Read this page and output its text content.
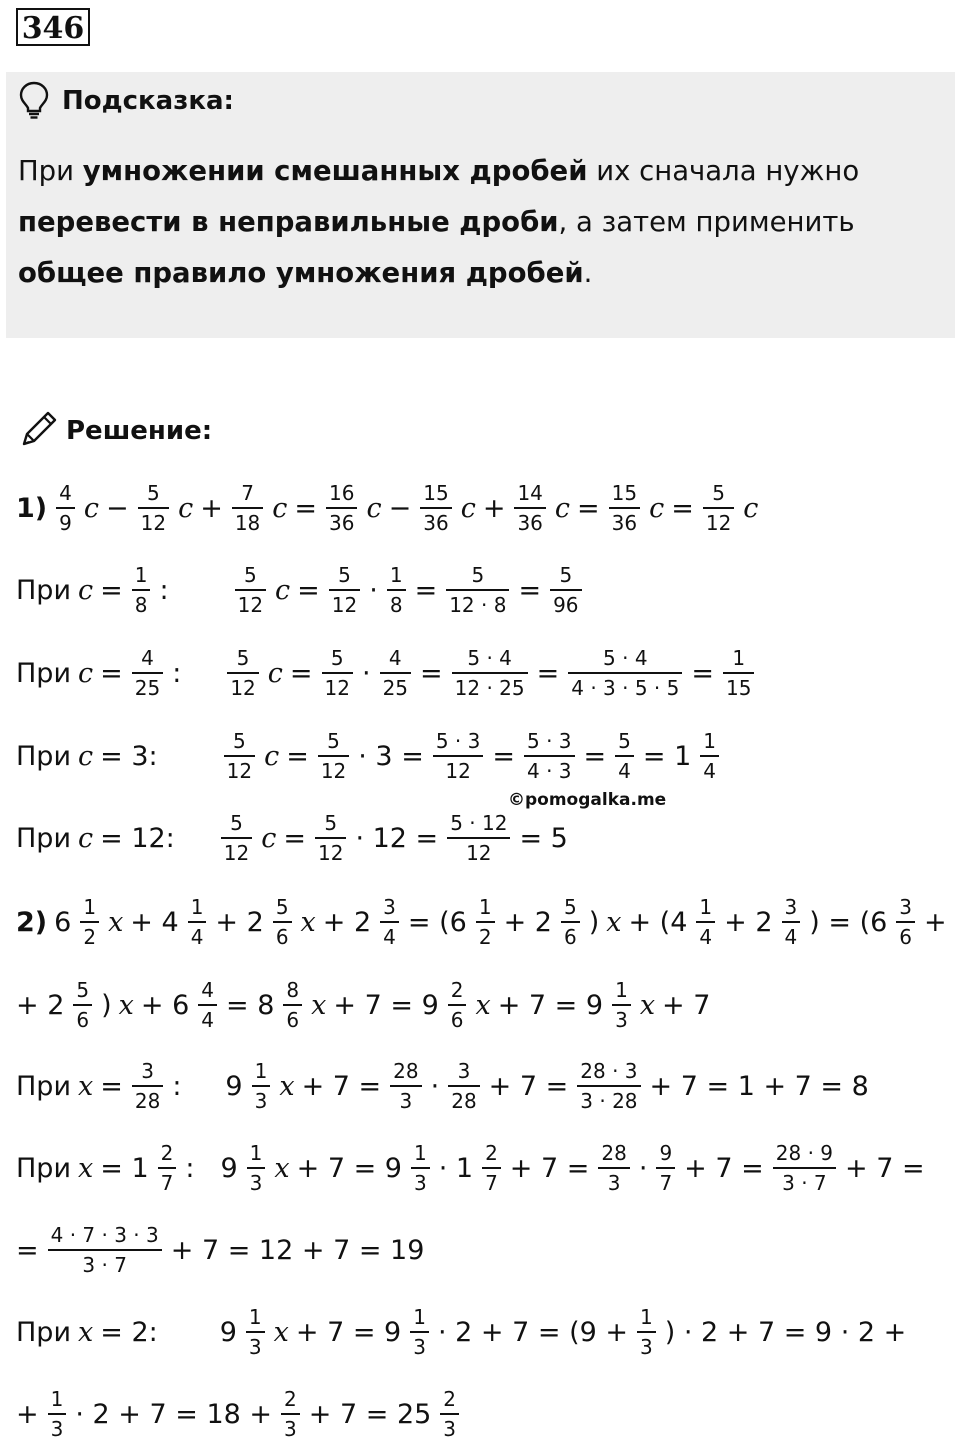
346
Подсказка:
При умножении смешанных дробей их сначала нужно перевести в неправильные дроби, а затем применить общее правило умножения дробей.
Решение:
1) 4
9 c − 5
12 c + 7
18 c = 16
36 c − 15
36 c + 14
36 c = 15
36 c = 5
12 c
При c = 1
8 :	5
12 c = 5
12 · 1
8 = 5
12 · 8 = 5
96
При c = 4
25 :	5
12 c = 5
12 · 4
25 = 5 · 4
12 · 25 = 5 · 4
4 · 3 · 5 · 5 = 1
15
При c = 3:	5
12 c = 5
12 · 3 = 5 · 3
12 = 5 · 3
4 · 3 = 5
4 = 1 1
4
При c = 12:	5
12 c = 5
12 · 12 = 5 · 12
12 = 5
2) 6 1
2 x + 4 1
4 + 2 5
6 x + 2 3
4 = (6 1
2 + 2 5
6 ) x + (4 1
4 + 2 3
4 ) = (6 3
6 +
+ 2 5
6 ) x + 6 4
4 = 8 8
6 x + 7 = 9 2
6 x + 7 = 9 1
3 x + 7
При x = 3
28 : 9 1
3 x + 7 = 28
3 · 3
28 + 7 = 28 · 3
3 · 28 + 7 = 1 + 7 = 8
При x = 1 2
7 : 9 1
3 x + 7 = 9 1
3 · 1 2
7 + 7 = 28
3 · 9
7 + 7 = 28 · 9
3 · 7 + 7 =
= 4 · 7 · 3 · 3
3 · 7 + 7 = 12 + 7 = 19
При x = 2: 9 1
3 x + 7 = 9 1
3 · 2 + 7 = (9 + 1
3 ) · 2 + 7 = 9 · 2 +
+ 1
3 · 2 + 7 = 18 + 2
3 + 7 = 25 2
3
©pomogalka.me
